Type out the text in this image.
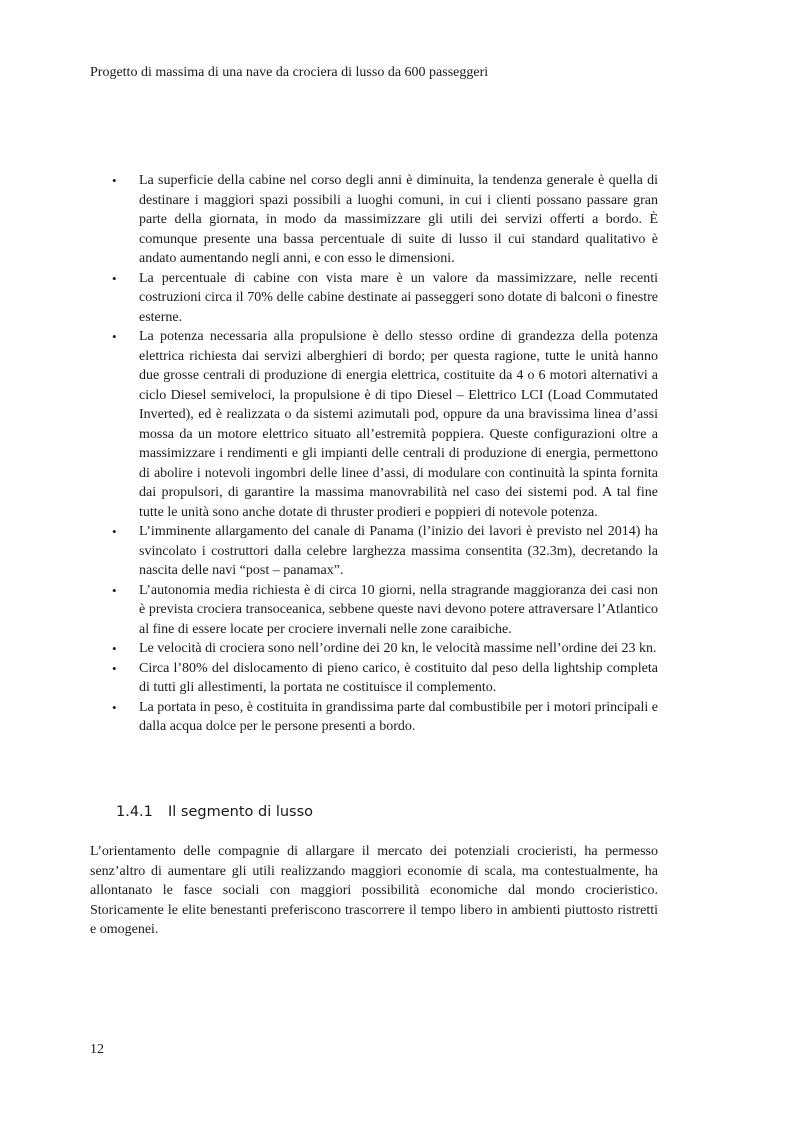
Progetto di massima di una nave da crociera di lusso da 600 passeggeri
• La superficie della cabine nel corso degli anni è diminuita, la tendenza generale è quella di destinare i maggiori spazi possibili a luoghi comuni, in cui i clienti possano passare gran parte della giornata, in modo da massimizzare gli utili dei servizi offerti a bordo. È comunque presente una bassa percentuale di suite di lusso il cui standard qualitativo è andato aumentando negli anni, e con esso le dimensioni.
• La percentuale di cabine con vista mare è un valore da massimizzare, nelle recenti costruzioni circa il 70% delle cabine destinate ai passeggeri sono dotate di balconi o finestre esterne.
• La potenza necessaria alla propulsione è dello stesso ordine di grandezza della potenza elettrica richiesta dai servizi alberghieri di bordo; per questa ragione, tutte le unità hanno due grosse centrali di produzione di energia elettrica, costituite da 4 o 6 motori alternativi a ciclo Diesel semiveloci, la propulsione è di tipo Diesel – Elettrico LCI (Load Commutated Inverted), ed è realizzata o da sistemi azimutali pod, oppure da una bravissima linea d’assi mossa da un motore elettrico situato all’estremità poppiera. Queste configurazioni oltre a massimizzare i rendimenti e gli impianti delle centrali di produzione di energia, permettono di abolire i notevoli ingombri delle linee d’assi, di modulare con continuità la spinta fornita dai propulsori, di garantire la massima manovrabilità nel caso dei sistemi pod. A tal fine tutte le unità sono anche dotate di thruster prodieri e poppieri di notevole potenza.
• L’imminente allargamento del canale di Panama (l’inizio dei lavori è previsto nel 2014) ha svincolato i costruttori dalla celebre larghezza massima consentita (32.3m), decretando la nascita delle navi “post – panamax”.
• L’autonomia media richiesta è di circa 10 giorni, nella stragrande maggioranza dei casi non è prevista crociera transoceanica, sebbene queste navi devono potere attraversare l’Atlantico al fine di essere locate per crociere invernali nelle zone caraibiche.
• Le velocità di crociera sono nell’ordine dei 20 kn, le velocità massime nell’ordine dei 23 kn.
• Circa l’80% del dislocamento di pieno carico, è costituito dal peso della lightship completa di tutti gli allestimenti, la portata ne costituisce il complemento.
• La portata in peso, è costituita in grandissima parte dal combustibile per i motori principali e dalla acqua dolce per le persone presenti a bordo.
1.4.1 Il segmento di lusso

L’orientamento delle compagnie di allargare il mercato dei potenziali crocieristi, ha permesso senz’altro di aumentare gli utili realizzando maggiori economie di scala, ma contestualmente, ha allontanato le fasce sociali con maggiori possibilità economiche dal mondo crocieristico. Storicamente le elite benestanti preferiscono trascorrere il tempo libero in ambienti piuttosto ristretti e omogenei.

12
